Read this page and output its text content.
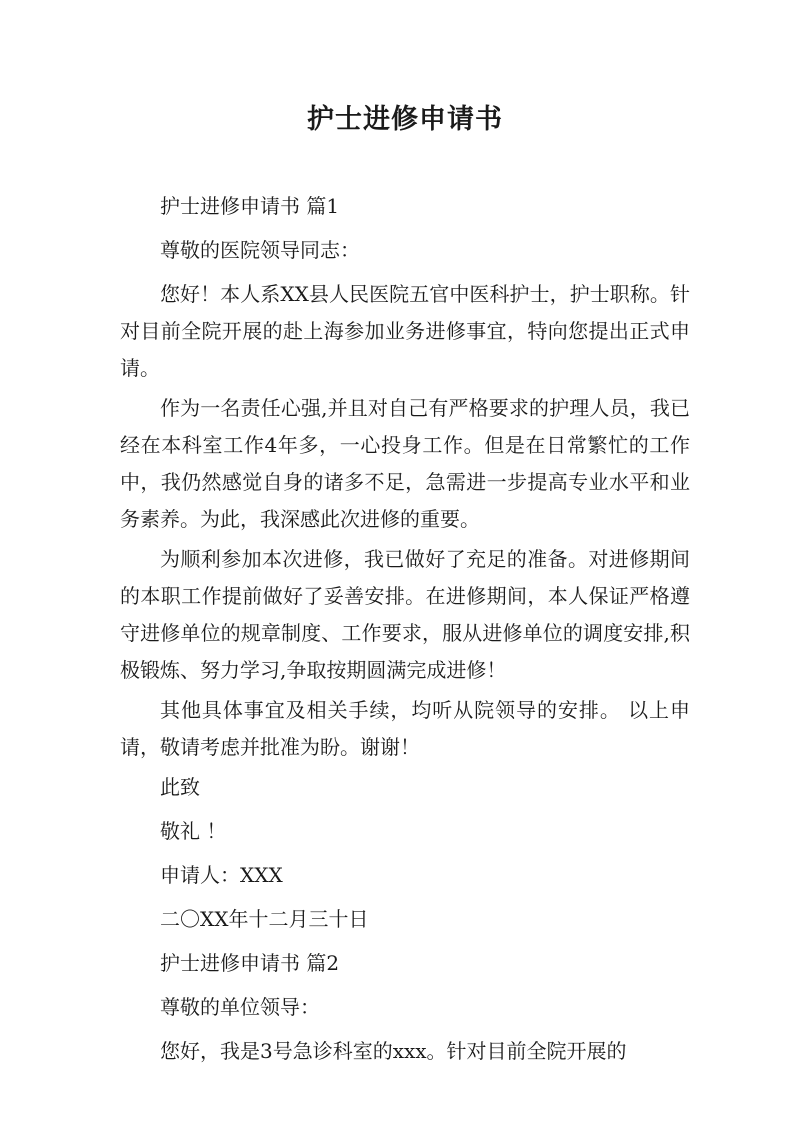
护士进修申请书
护士进修申请书 篇1
尊敬的医院领导同志：
您好！本人系XX县人民医院五官中医科护士，护士职称。针对目前全院开展的赴上海参加业务进修事宜，特向您提出正式申请。
作为一名责任心强,并且对自己有严格要求的护理人员，我已经在本科室工作4年多，一心投身工作。但是在日常繁忙的工作中，我仍然感觉自身的诸多不足，急需进一步提高专业水平和业务素养。为此，我深感此次进修的重要。
为顺利参加本次进修，我已做好了充足的准备。对进修期间的本职工作提前做好了妥善安排。在进修期间，本人保证严格遵守进修单位的规章制度、工作要求，服从进修单位的调度安排,积极锻炼、努力学习,争取按期圆满完成进修！
其他具体事宜及相关手续，均听从院领导的安排。 以上申请，敬请考虑并批准为盼。谢谢！
此致
敬礼 ！
申请人：XXX
二〇XX年十二月三十日
护士进修申请书 篇2
尊敬的单位领导：
您好，我是3号急诊科室的xxx。针对目前全院开展的
